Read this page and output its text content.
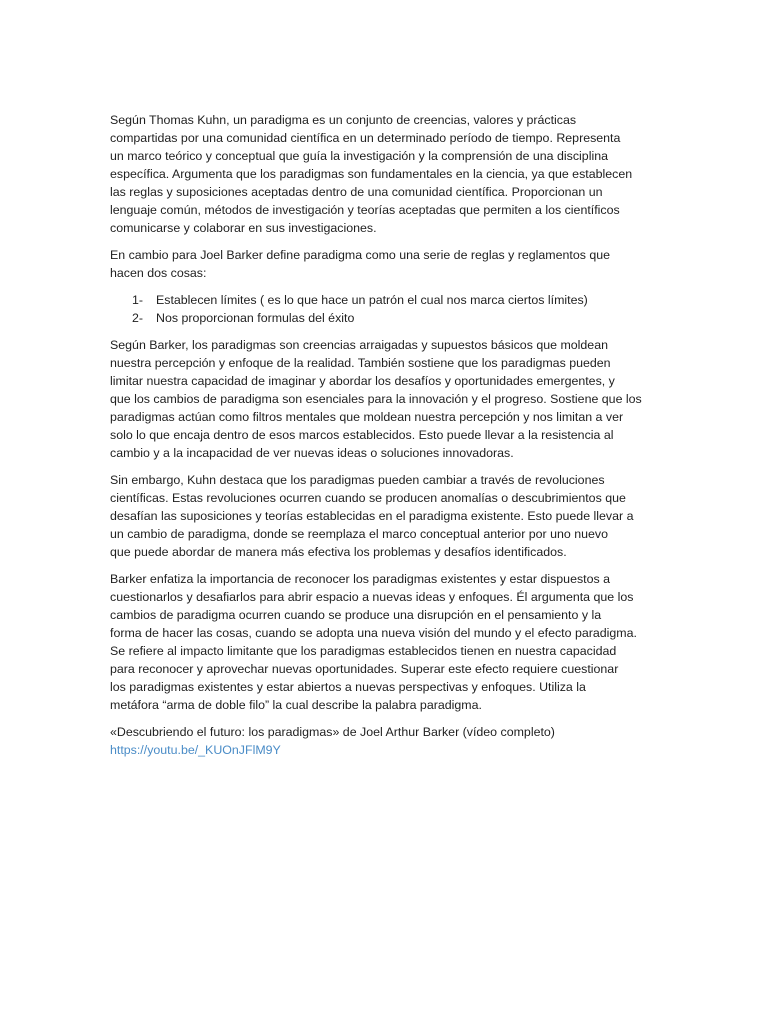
Según Thomas Kuhn, un paradigma es un conjunto de creencias, valores y prácticas
compartidas por una comunidad científica en un determinado período de tiempo. Representa
un marco teórico y conceptual que guía la investigación y la comprensión de una disciplina
específica. Argumenta que los paradigmas son fundamentales en la ciencia, ya que establecen
las reglas y suposiciones aceptadas dentro de una comunidad científica. Proporcionan un
lenguaje común, métodos de investigación y teorías aceptadas que permiten a los científicos
comunicarse y colaborar en sus investigaciones.

En cambio para Joel Barker define paradigma como una serie de reglas y reglamentos que
hacen dos cosas:

1- Establecen límites ( es lo que hace un patrón el cual nos marca ciertos límites)
2- Nos proporcionan formulas del éxito

Según Barker, los paradigmas son creencias arraigadas y supuestos básicos que moldean
nuestra percepción y enfoque de la realidad. También sostiene que los paradigmas pueden
limitar nuestra capacidad de imaginar y abordar los desafíos y oportunidades emergentes, y
que los cambios de paradigma son esenciales para la innovación y el progreso. Sostiene que los
paradigmas actúan como filtros mentales que moldean nuestra percepción y nos limitan a ver
solo lo que encaja dentro de esos marcos establecidos. Esto puede llevar a la resistencia al
cambio y a la incapacidad de ver nuevas ideas o soluciones innovadoras.

Sin embargo, Kuhn destaca que los paradigmas pueden cambiar a través de revoluciones
científicas. Estas revoluciones ocurren cuando se producen anomalías o descubrimientos que
desafían las suposiciones y teorías establecidas en el paradigma existente. Esto puede llevar a
un cambio de paradigma, donde se reemplaza el marco conceptual anterior por uno nuevo
que puede abordar de manera más efectiva los problemas y desafíos identificados.

Barker enfatiza la importancia de reconocer los paradigmas existentes y estar dispuestos a
cuestionarlos y desafiarlos para abrir espacio a nuevas ideas y enfoques. Él argumenta que los
cambios de paradigma ocurren cuando se produce una disrupción en el pensamiento y la
forma de hacer las cosas, cuando se adopta una nueva visión del mundo y el efecto paradigma.
Se refiere al impacto limitante que los paradigmas establecidos tienen en nuestra capacidad
para reconocer y aprovechar nuevas oportunidades. Superar este efecto requiere cuestionar
los paradigmas existentes y estar abiertos a nuevas perspectivas y enfoques. Utiliza la
metáfora “arma de doble filo” la cual describe la palabra paradigma.

«Descubriendo el futuro: los paradigmas» de Joel Arthur Barker (vídeo completo)
https://youtu.be/_KUOnJFlM9Y
